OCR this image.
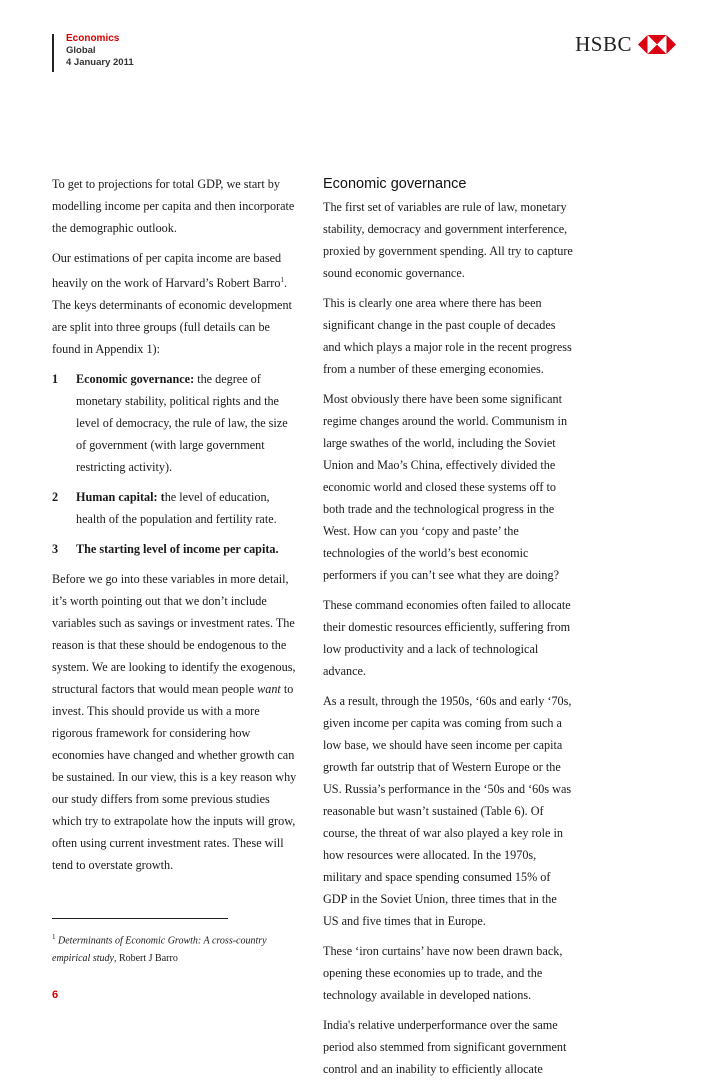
Economics
Global
4 January 2011
HSBC

To get to projections for total GDP, we start by modelling income per capita and then incorporate the demographic outlook.

Our estimations of per capita income are based heavily on the work of Harvard’s Robert Barro$^1$. The keys determinants of economic development are split into three groups (full details can be found in Appendix 1):

1	Economic governance: the degree of monetary stability, political rights and the level of democracy, the rule of law, the size of government (with large government restricting activity).
2	Human capital: the level of education, health of the population and fertility rate.
3	The starting level of income per capita.

Before we go into these variables in more detail, it’s worth pointing out that we don’t include variables such as savings or investment rates. The reason is that these should be endogenous to the system. We are looking to identify the exogenous, structural factors that would mean people want to invest. This should provide us with a more rigorous framework for considering how economies have changed and whether growth can be sustained. In our view, this is a key reason why our study differs from some previous studies which try to extrapolate how the inputs will grow, often using current investment rates. These will tend to overstate growth.

Economic governance

The first set of variables are rule of law, monetary stability, democracy and government interference, proxied by government spending. All try to capture sound economic governance.

This is clearly one area where there has been significant change in the past couple of decades and which plays a major role in the recent progress from a number of these emerging economies.

Most obviously there have been some significant regime changes around the world. Communism in large swathes of the world, including the Soviet Union and Mao’s China, effectively divided the economic world and closed these systems off to both trade and the technological progress in the West. How can you ‘copy and paste’ the technologies of the world’s best economic performers if you can’t see what they are doing?

These command economies often failed to allocate their domestic resources efficiently, suffering from low productivity and a lack of technological advance.

As a result, through the 1950s, ‘60s and early ‘70s, given income per capita was coming from such a low base, we should have seen income per capita growth far outstrip that of Western Europe or the US. Russia’s performance in the ‘50s and ‘60s was reasonable but wasn’t sustained (Table 6). Of course, the threat of war also played a key role in how resources were allocated. In the 1970s, military and space spending consumed 15% of GDP in the Soviet Union, three times that in the US and five times that in Europe.

These ‘iron curtains’ have now been drawn back, opening these economies up to trade, and the technology available in developed nations.

India's relative underperformance over the same period also stemmed from significant government control and an inability to efficiently allocate

$^1$ Determinants of Economic Growth: A cross-country empirical study, Robert J Barro
6
